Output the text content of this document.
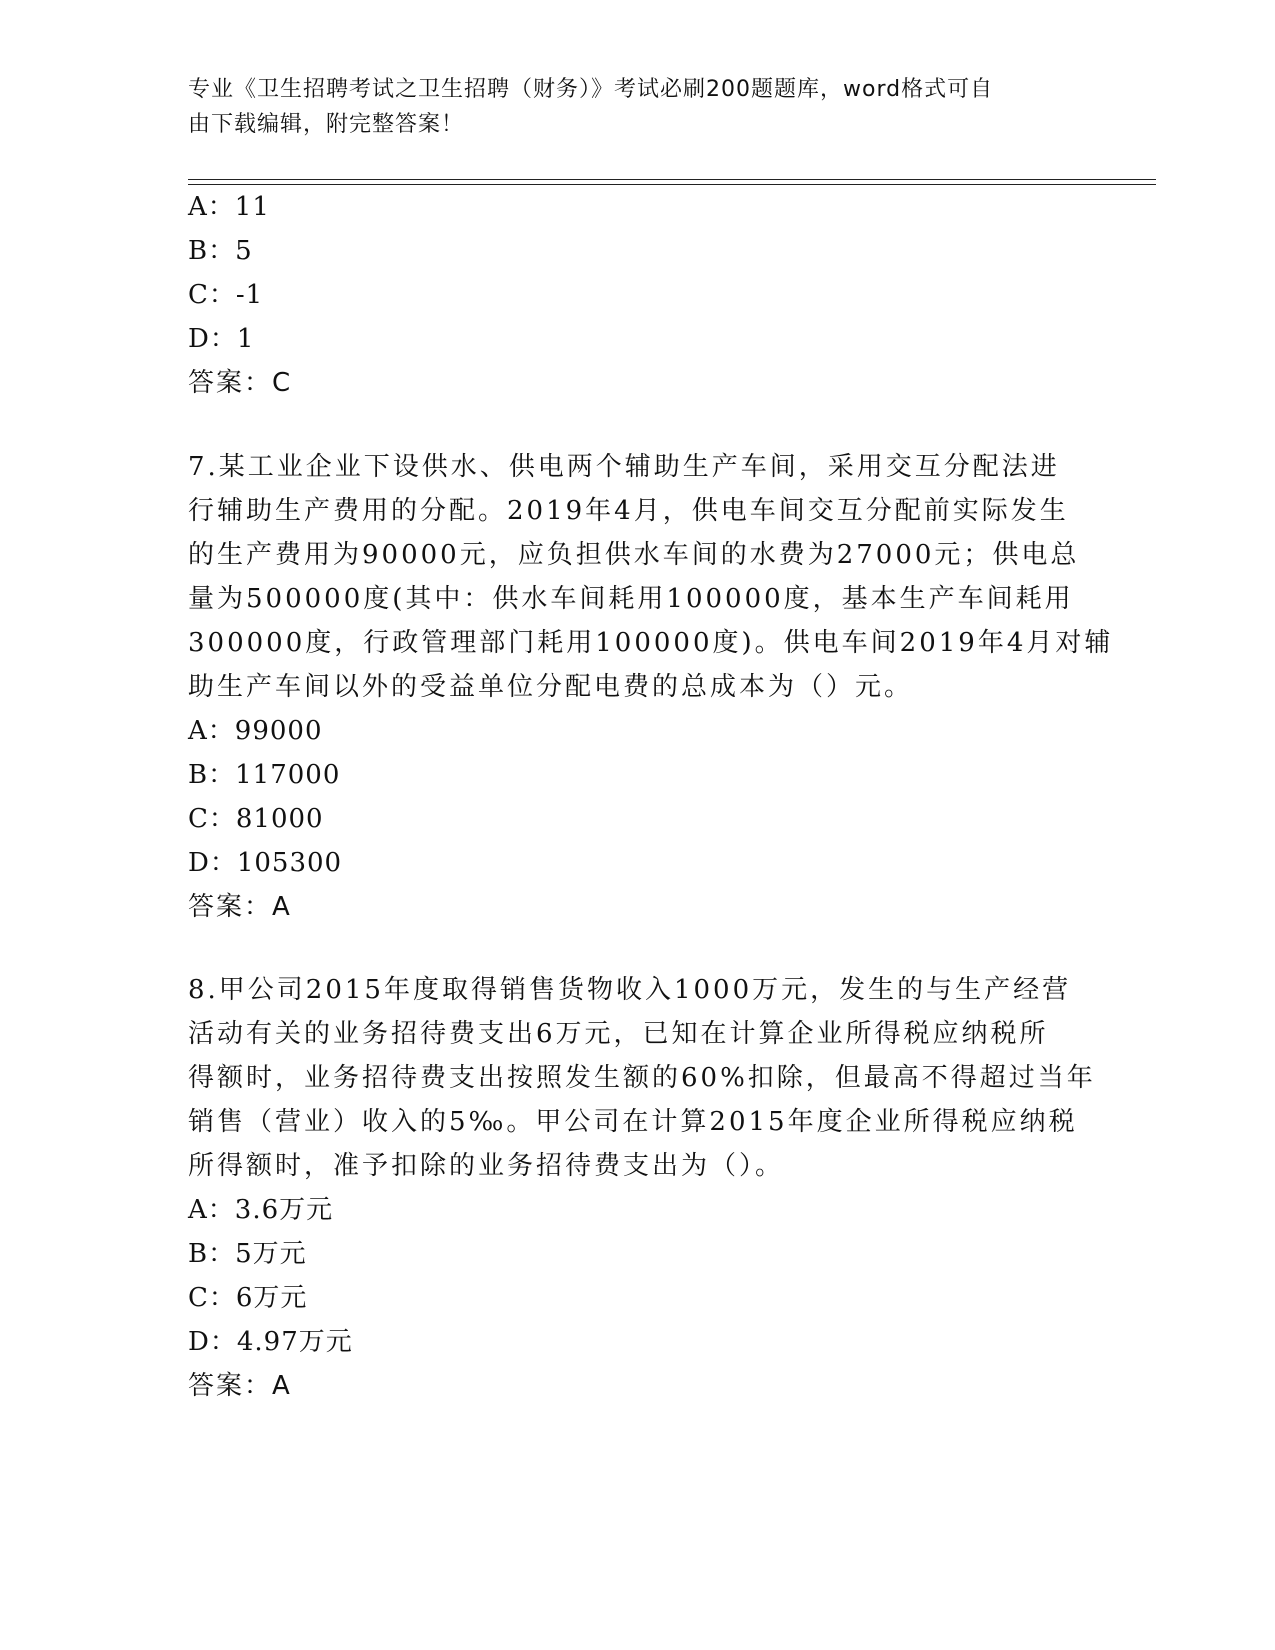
专业《卫生招聘考试之卫生招聘（财务）》考试必刷200题题库，word格式可自
由下载编辑，附完整答案！
A：11
B：5
C：-1
D：1
答案：C
7.某工业企业下设供水、供电两个辅助生产车间，采用交互分配法进
行辅助生产费用的分配。2019年4月，供电车间交互分配前实际发生
的生产费用为90000元，应负担供水车间的水费为27000元；供电总
量为500000度(其中：供水车间耗用100000度，基本生产车间耗用
300000度，行政管理部门耗用100000度)。供电车间2019年4月对辅
助生产车间以外的受益单位分配电费的总成本为（）元。
A：99000
B：117000
C：81000
D：105300
答案：A
8.甲公司2015年度取得销售货物收入1000万元，发生的与生产经营
活动有关的业务招待费支出6万元，已知在计算企业所得税应纳税所
得额时，业务招待费支出按照发生额的60%扣除，但最高不得超过当年
销售（营业）收入的5‰。甲公司在计算2015年度企业所得税应纳税
所得额时，准予扣除的业务招待费支出为（）。
A：3.6万元
B：5万元
C：6万元
D：4.97万元
答案：A
